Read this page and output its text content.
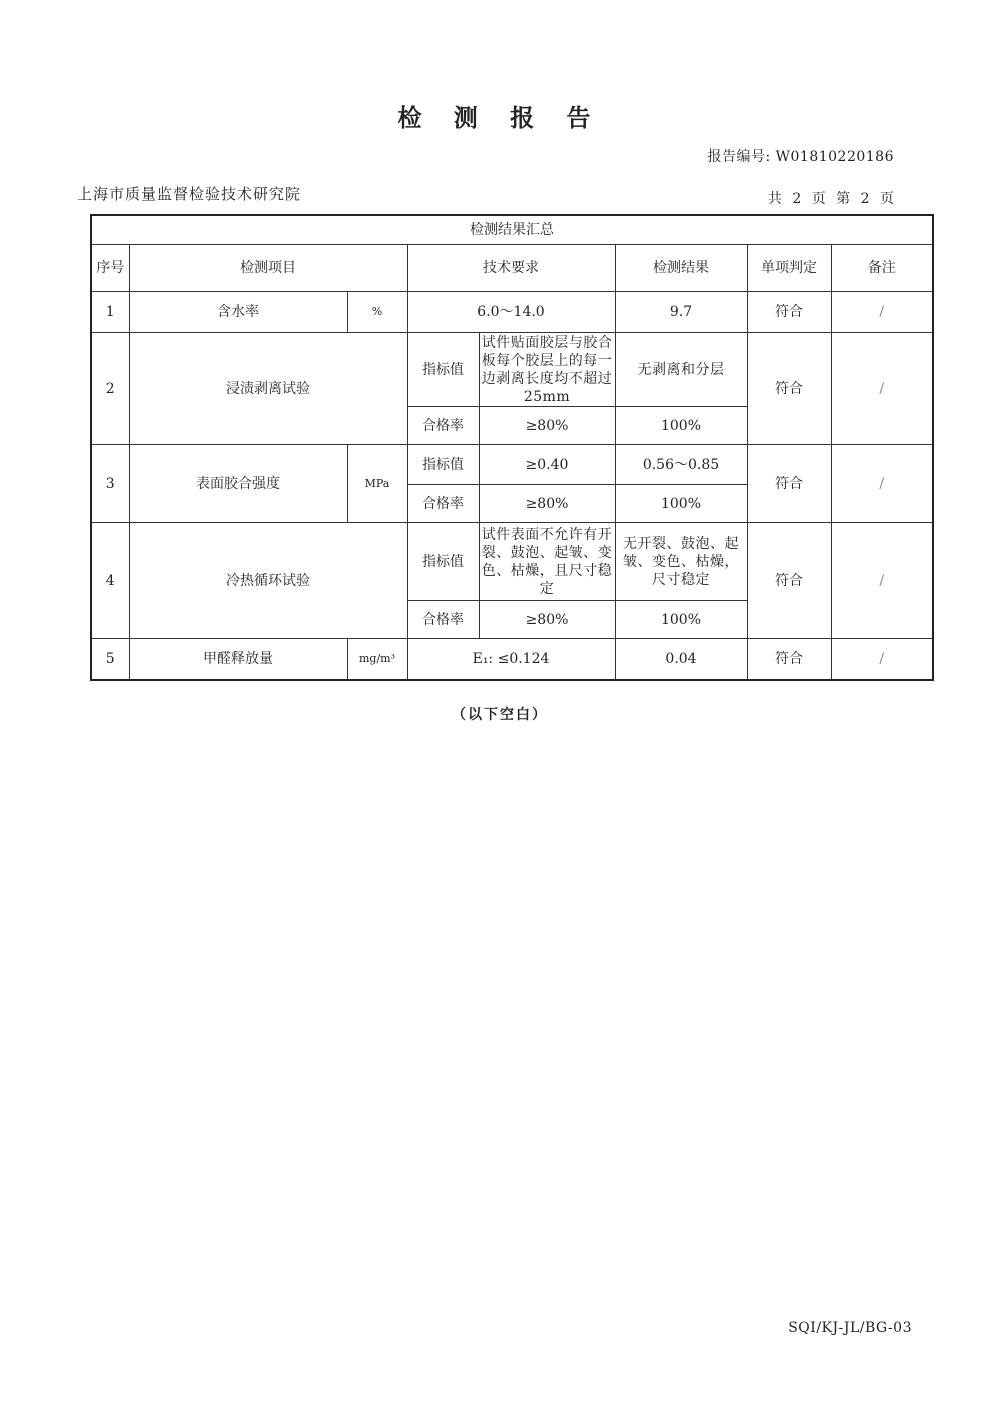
检 测 报 告
报告编号: W01810220186
上海市质量监督检验技术研究院	共 2 页 第 2 页
检测结果汇总							
序号	检测项目		技术要求		检测结果	单项判定	备注
1	含水率	%	6.0～14.0		9.7	符合	/
2	浸渍剥离试验		指标值	试件贴面胶层与胶合板每个胶层上的每一边剥离长度均不超过25mm	无剥离和分层	符合	/
			合格率	≥80%	100%		
3	表面胶合强度	MPa	指标值	≥0.40	0.56～0.85	符合	/
			合格率	≥80%	100%		
4	冷热循环试验		指标值	试件表面不允许有开裂、鼓泡、起皱、变色、枯燥，且尺寸稳定	无开裂、鼓泡、起皱、变色、枯燥，尺寸稳定	符合	/
			合格率	≥80%	100%		
5	甲醛释放量	mg/m³	E₁: ≤0.124		0.04	符合	/
（以下空白）
SQI/KJ-JL/BG-03
